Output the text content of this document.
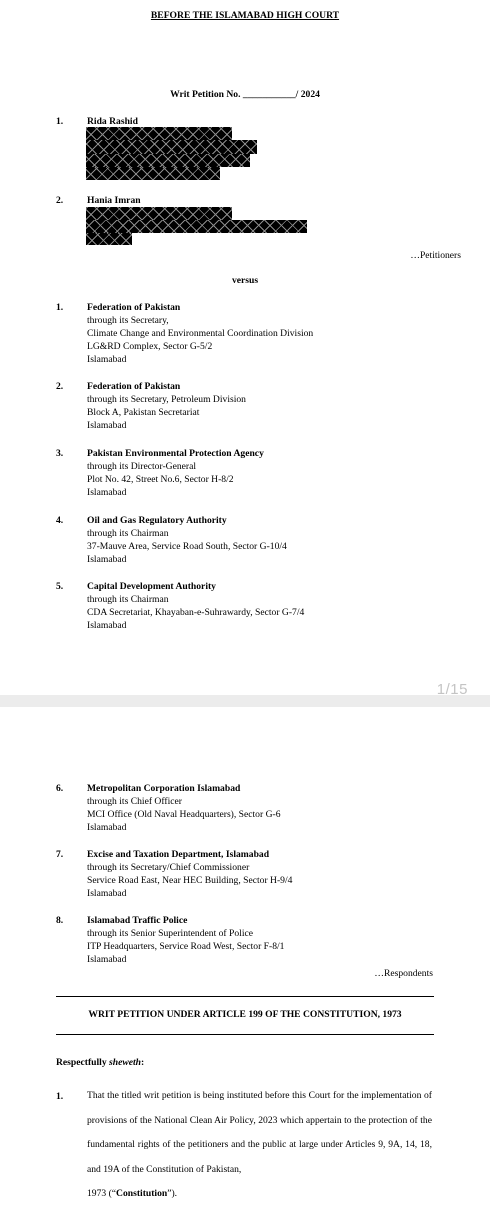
BEFORE THE ISLAMABAD HIGH COURT
Writ Petition No. ___________/ 2024
1. Rida Rashid
2. Hania Imran
…Petitioners
versus
1. Federation of Pakistan
through its Secretary,
Climate Change and Environmental Coordination Division
LG&RD Complex, Sector G-5/2
Islamabad
2. Federation of Pakistan
through its Secretary, Petroleum Division
Block A, Pakistan Secretariat
Islamabad
3. Pakistan Environmental Protection Agency
through its Director-General
Plot No. 42, Street No.6, Sector H-8/2
Islamabad
4. Oil and Gas Regulatory Authority
through its Chairman
37-Mauve Area, Service Road South, Sector G-10/4
Islamabad
5. Capital Development Authority
through its Chairman
CDA Secretariat, Khayaban-e-Suhrawardy, Sector G-7/4
Islamabad
1/15
6. Metropolitan Corporation Islamabad
through its Chief Officer
MCI Office (Old Naval Headquarters), Sector G-6
Islamabad
7. Excise and Taxation Department, Islamabad
through its Secretary/Chief Commissioner
Service Road East, Near HEC Building, Sector H-9/4
Islamabad
8. Islamabad Traffic Police
through its Senior Superintendent of Police
ITP Headquarters, Service Road West, Sector F-8/1
Islamabad
…Respondents
WRIT PETITION UNDER ARTICLE 199 OF THE CONSTITUTION, 1973
Respectfully sheweth:
1. That the titled writ petition is being instituted before this Court for the implementation of provisions of the National Clean Air Policy, 2023 which appertain to the protection of the fundamental rights of the petitioners and the public at large under Articles 9, 9A, 14, 18, and 19A of the Constitution of Pakistan,
1973 (“Constitution”).
